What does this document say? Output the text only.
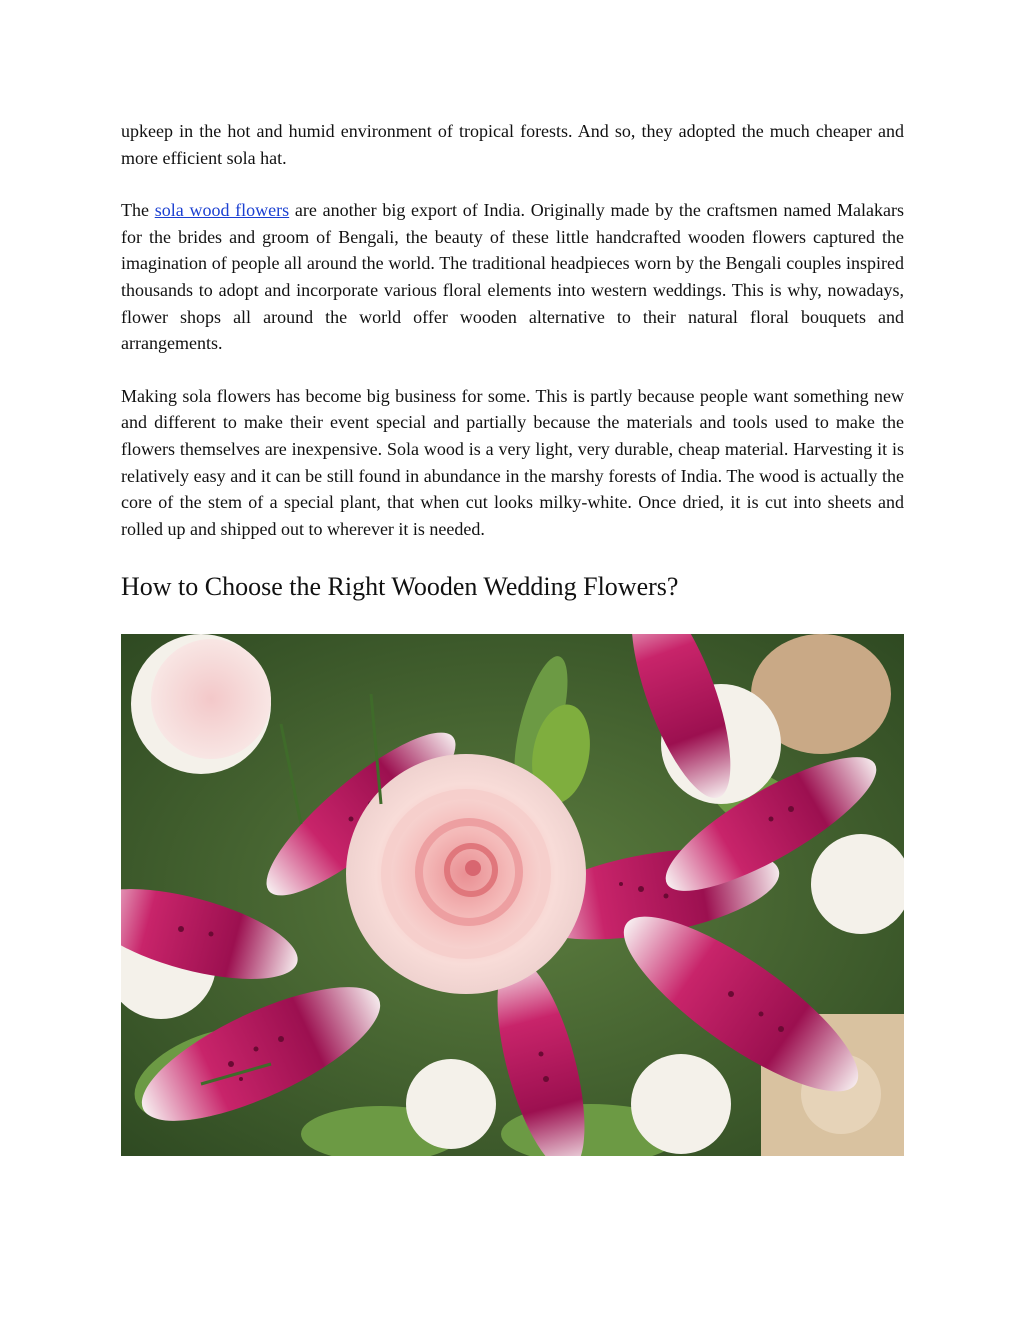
upkeep in the hot and humid environment of tropical forests. And so, they adopted the much cheaper and more efficient sola hat.

The sola wood flowers are another big export of India. Originally made by the craftsmen named Malakars for the brides and groom of Bengali, the beauty of these little handcrafted wooden flowers captured the imagination of people all around the world. The traditional headpieces worn by the Bengali couples inspired thousands to adopt and incorporate various floral elements into western weddings. This is why, nowadays, flower shops all around the world offer wooden alternative to their natural floral bouquets and arrangements.

Making sola flowers has become big business for some. This is partly because people want something new and different to make their event special and partially because the materials and tools used to make the flowers themselves are inexpensive. Sola wood is a very light, very durable, cheap material. Harvesting it is relatively easy and it can be still found in abundance in the marshy forests of India. The wood is actually the core of the stem of a special plant, that when cut looks milky-white. Once dried, it is cut into sheets and rolled up and shipped out to wherever it is needed.

How to Choose the Right Wooden Wedding Flowers?
